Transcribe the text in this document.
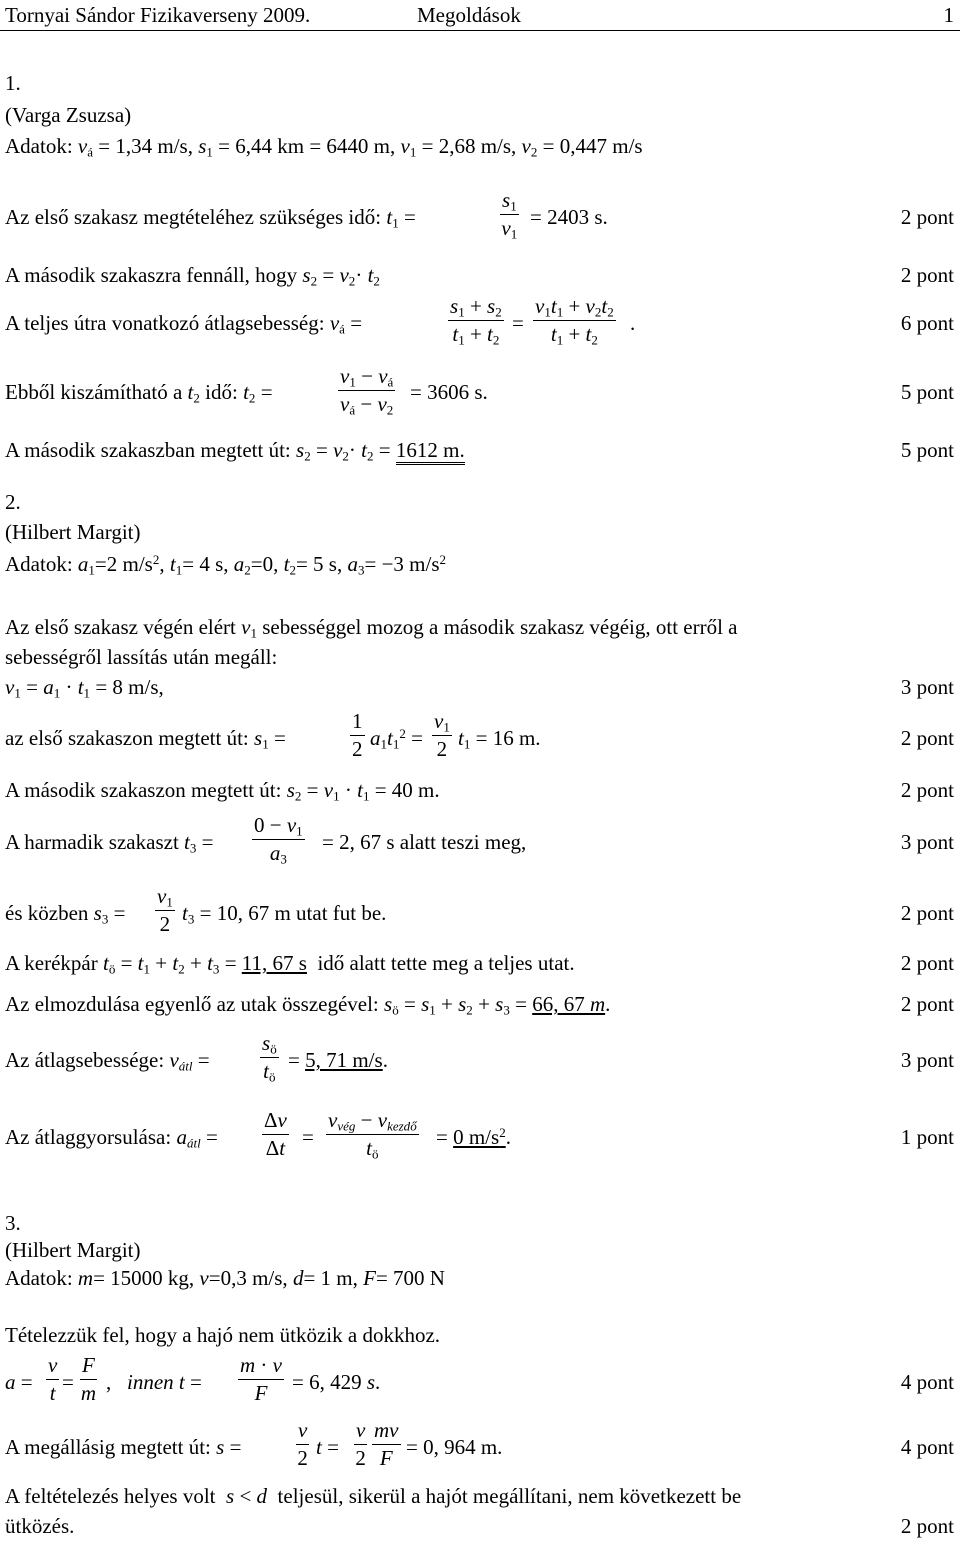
Tornyai Sándor Fizikaverseny 2009.	Megoldások	1
1.
(Varga Zsuzsa)
Adatok: $v_á = 1,34$ m/s, $s_1 = 6,44$ km = 6440 m, $v_1 = 2,68$ m/s, $v_2 = 0,447$ m/s
Az első szakasz megtételéhez szükséges idő: $t_1$ =	$\frac{s_1}{v_1} = 2403$ s.	2 pont
A második szakaszra fennáll, hogy $s_2 = v_2\cdot t_2$	2 pont
A teljes útra vonatkozó átlagsebesség: $v_á$ =	$\frac{s_1 + s_2}{t_1 + t_2} = \frac{v_1t_1 + v_2t_2}{t_1 + t_2}$ .	6 pont
Ebből kiszámítható a $t_2$ idő: $t_2$ =	$\frac{v_1 - v_á}{v_á - v_2} = 3606$ s.	5 pont
A második szakaszban megtett út: $s_2 = v_2\cdot t_2 = 1612$ m.	5 pont
2.
(Hilbert Margit)
Adatok: $a_1=2$ $m/s^2$, $t_1= 4$ s, $a_2=0$, $t_2= 5$ s, $a_3= -3$ $m/s^2$
Az első szakasz végén elért $v_1$ sebességgel mozog a második szakasz végéig, ott erről a
sebességről lassítás után megáll:
$v_1 = a_1 \cdot t_1 = 8$ m/s,	3 pont
az első szakaszon megtett út: $s_1$ =	$\frac{1}{2} a_1t_1^2 = \frac{v_1}{2} t_1 = 16$ m.	2 pont
A második szakaszon megtett út: $s_2 = v_1 \cdot t_1 = 40$ m.	2 pont
A harmadik szakaszt $t_3 = \frac{0 - v_1}{a_3} = 2$, 67 s alatt teszi meg,	3 pont
és közben $s_3 = \frac{v_1}{2} t_3 = 10$, 67 m utat fut be.	2 pont
A kerékpár $t_ö = t_1 + t_2 + t_3 = 11$, 67 s  idő alatt tette meg a teljes utat.	2 pont
Az elmozdulása egyenlő az utak összegével: $s_ö = s_1 + s_2 + s_3 = 66$, 67 m.	2 pont
Az átlagsebessége: $v_{átl} = \frac{s_ö}{t_ö} = 5$, 71 m/s.	3 pont
Az átlaggyorsulása: $a_{átl} = \frac{\Delta v}{\Delta t}$ =
$v_{vég} - v_{kezdő}$
$t_ö$
= 0 $m/s^2$.	1 pont
3.
(Hilbert Margit)
Adatok: m= 15000 kg, v=0,3 m/s, d= 1 m, F= 700 N
Tételezzük fel, hogy a hajó nem ütközik a dokkhoz.
$a = \frac{v}{t} = \frac{F}{m}$ ,   innen $t = \frac{m \cdot v}{F} = 6$, 429 s.	4 pont
A megállásig megtett út: s =	$\frac{v}{2}$ $t = \frac{v}{2} \frac{mv}{F} = 0$, 964 m.	4 pont
A feltételezés helyes volt  s < d  teljesül, sikerül a hajót megállítani, nem következett be
ütközés.	2 pont
